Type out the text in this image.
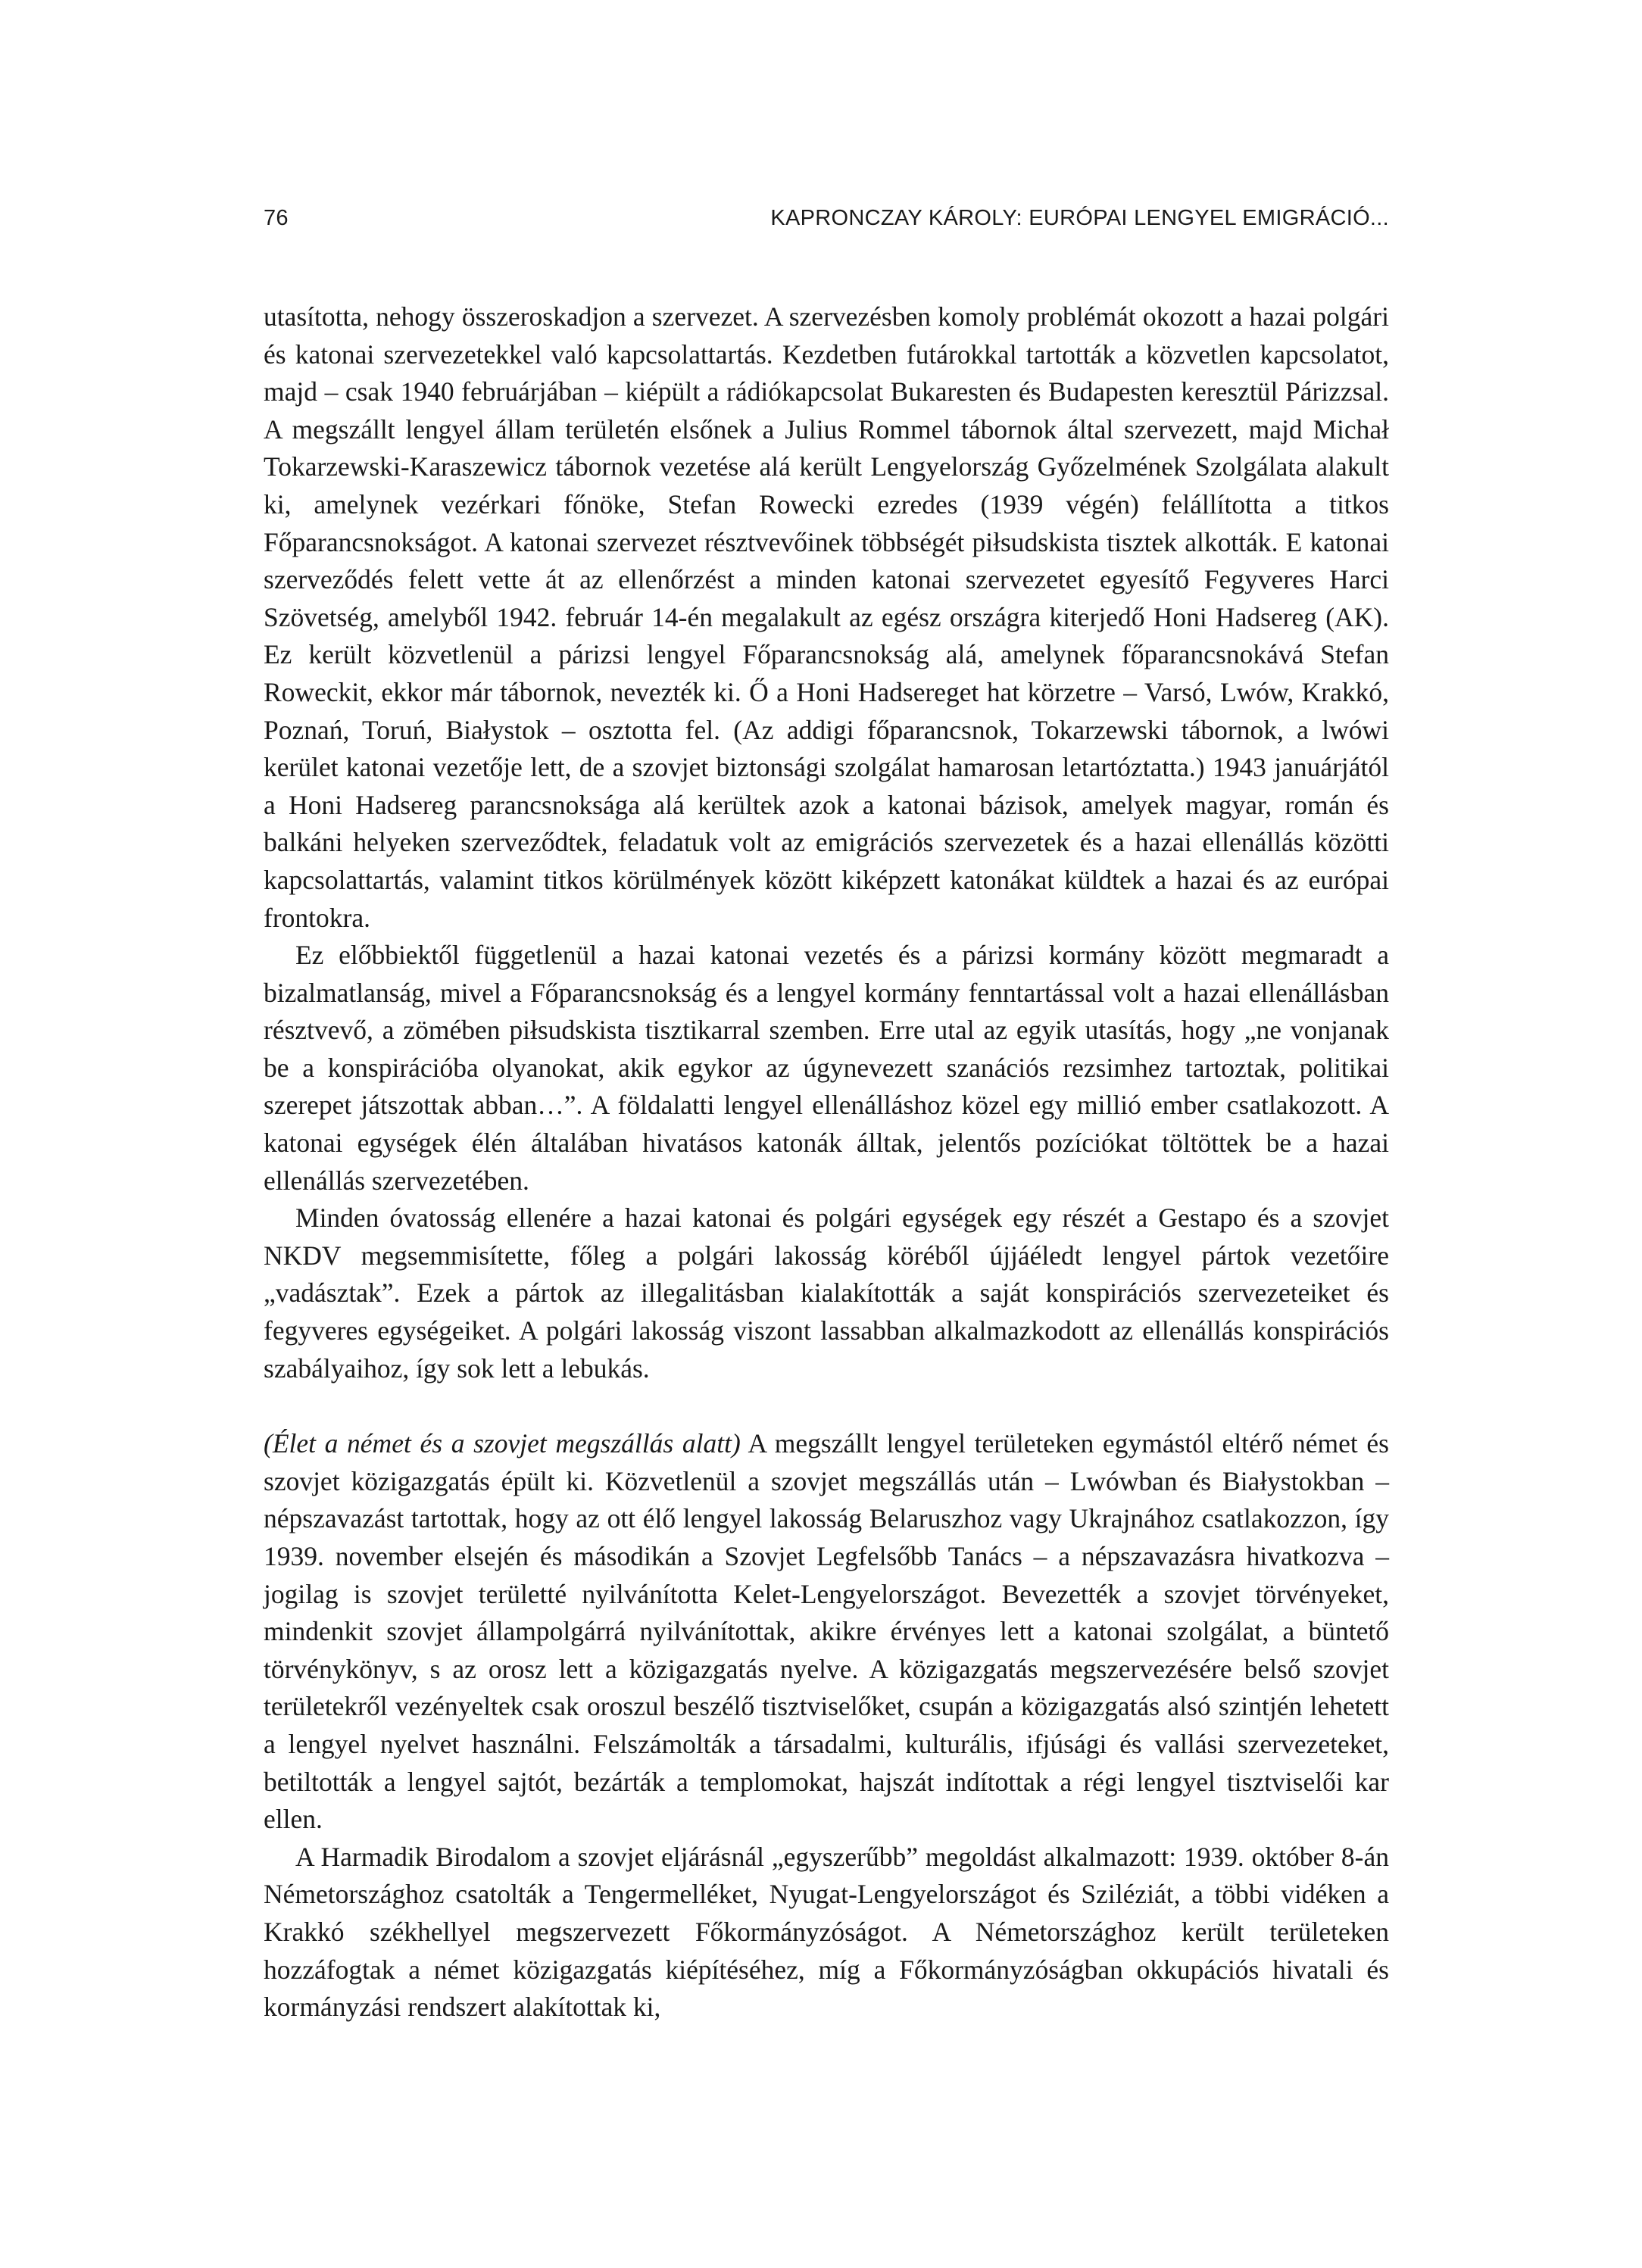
76	KAPRONCZAY KÁROLY: EURÓPAI LENGYEL EMIGRÁCIÓ...

utasította, nehogy összeroskadjon a szervezet. A szervezésben komoly problémát okozott a hazai polgári és katonai szervezetekkel való kapcsolattartás. Kezdetben futárokkal tartották a közvetlen kapcsolatot, majd – csak 1940 februárjában – kiépült a rádiókapcsolat Bukaresten és Budapesten keresztül Párizzsal. A megszállt lengyel állam területén elsőnek a Julius Rommel tábornok által szervezett, majd Michał Tokarzewski-Karaszewicz tábornok vezetése alá került Lengyelország Győzelmének Szolgálata alakult ki, amelynek vezérkari főnöke, Stefan Rowecki ezredes (1939 végén) felállította a titkos Főparancsnokságot. A katonai szervezet résztvevőinek többségét piłsudskista tisztek alkották. E katonai szerveződés felett vette át az ellenőrzést a minden katonai szervezetet egyesítő Fegyveres Harci Szövetség, amelyből 1942. február 14-én megalakult az egész országra kiterjedő Honi Hadsereg (AK). Ez került közvetlenül a párizsi lengyel Főparancsnokság alá, amelynek főparancsnokává Stefan Roweckit, ekkor már tábornok, nevezték ki. Ő a Honi Hadsereget hat körzetre – Varsó, Lwów, Krakkó, Poznań, Toruń, Białystok – osztotta fel. (Az addigi főparancsnok, Tokarzewski tábornok, a lwówi kerület katonai vezetője lett, de a szovjet biztonsági szolgálat hamarosan letartóztatta.) 1943 januárjától a Honi Hadsereg parancsnoksága alá kerültek azok a katonai bázisok, amelyek magyar, román és balkáni helyeken szerveződtek, feladatuk volt az emigrációs szervezetek és a hazai ellenállás közötti kapcsolattartás, valamint titkos körülmények között kiképzett katonákat küldtek a hazai és az európai frontokra.

Ez előbbiektől függetlenül a hazai katonai vezetés és a párizsi kormány között megmaradt a bizalmatlanság, mivel a Főparancsnokság és a lengyel kormány fenntartással volt a hazai ellenállásban résztvevő, a zömében piłsudskista tisztikarral szemben. Erre utal az egyik utasítás, hogy „ne vonjanak be a konspirációba olyanokat, akik egykor az úgynevezett szanációs rezsimhez tartoztak, politikai szerepet játszottak abban…”. A földalatti lengyel ellenálláshoz közel egy millió ember csatlakozott. A katonai egységek élén általában hivatásos katonák álltak, jelentős pozíciókat töltöttek be a hazai ellenállás szervezetében.

Minden óvatosság ellenére a hazai katonai és polgári egységek egy részét a Gestapo és a szovjet NKDV megsemmisítette, főleg a polgári lakosság köréből újjáéledt lengyel pártok vezetőire „vadásztak”. Ezek a pártok az illegalitásban kialakították a saját konspirációs szervezeteiket és fegyveres egységeiket. A polgári lakosság viszont lassabban alkalmazkodott az ellenállás konspirációs szabályaihoz, így sok lett a lebukás.

(Élet a német és a szovjet megszállás alatt) A megszállt lengyel területeken egymástól eltérő német és szovjet közigazgatás épült ki. Közvetlenül a szovjet megszállás után – Lwówban és Białystokban – népszavazást tartottak, hogy az ott élő lengyel lakosság Belaruszhoz vagy Ukrajnához csatlakozzon, így 1939. november elsején és másodikán a Szovjet Legfelsőbb Tanács – a népszavazásra hivatkozva – jogilag is szovjet területté nyilvánította Kelet-Lengyelországot. Bevezették a szovjet törvényeket, mindenkit szovjet állampolgárrá nyilvánítottak, akikre érvényes lett a katonai szolgálat, a büntető törvénykönyv, s az orosz lett a közigazgatás nyelve. A közigazgatás megszervezésére belső szovjet területekről vezényeltek csak oroszul beszélő tisztviselőket, csupán a közigazgatás alsó szintjén lehetett a lengyel nyelvet használni. Felszámolták a társadalmi, kulturális, ifjúsági és vallási szervezeteket, betiltották a lengyel sajtót, bezárták a templomokat, hajszát indítottak a régi lengyel tisztviselői kar ellen.

A Harmadik Birodalom a szovjet eljárásnál „egyszerűbb” megoldást alkalmazott: 1939. október 8-án Németországhoz csatolták a Tengermelléket, Nyugat-Lengyelországot és Sziléziát, a többi vidéken a Krakkó székhellyel megszervezett Főkormányzóságot. A Németországhoz került területeken hozzáfogtak a német közigazgatás kiépítéséhez, míg a Főkormányzóságban okkupációs hivatali és kormányzási rendszert alakítottak ki,
